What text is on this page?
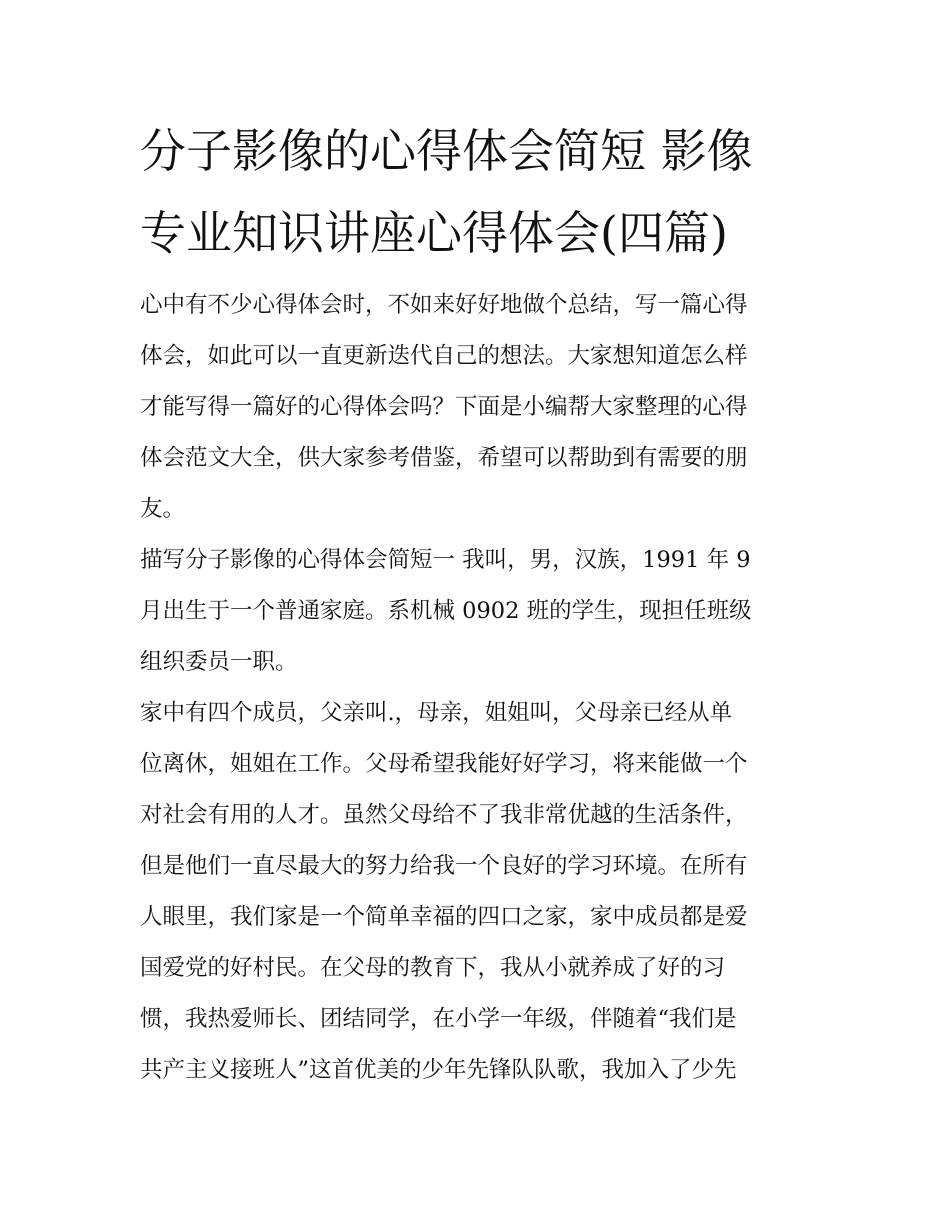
分子影像的心得体会简短 影像
专业知识讲座心得体会(四篇)
心中有不少心得体会时，不如来好好地做个总结，写一篇心得
体会，如此可以一直更新迭代自己的想法。大家想知道怎么样
才能写得一篇好的心得体会吗？下面是小编帮大家整理的心得
体会范文大全，供大家参考借鉴，希望可以帮助到有需要的朋
友。
描写分子影像的心得体会简短一 我叫，男，汉族，1991 年 9
月出生于一个普通家庭。系机械 0902 班的学生，现担任班级
组织委员一职。
家中有四个成员，父亲叫.，母亲，姐姐叫，父母亲已经从单
位离休，姐姐在工作。父母希望我能好好学习，将来能做一个
对社会有用的人才。虽然父母给不了我非常优越的生活条件，
但是他们一直尽最大的努力给我一个良好的学习环境。在所有
人眼里，我们家是一个简单幸福的四口之家，家中成员都是爱
国爱党的好村民。在父母的教育下，我从小就养成了好的习
惯，我热爱师长、团结同学，在小学一年级，伴随着“我们是
共产主义接班人”这首优美的少年先锋队队歌，我加入了少先
